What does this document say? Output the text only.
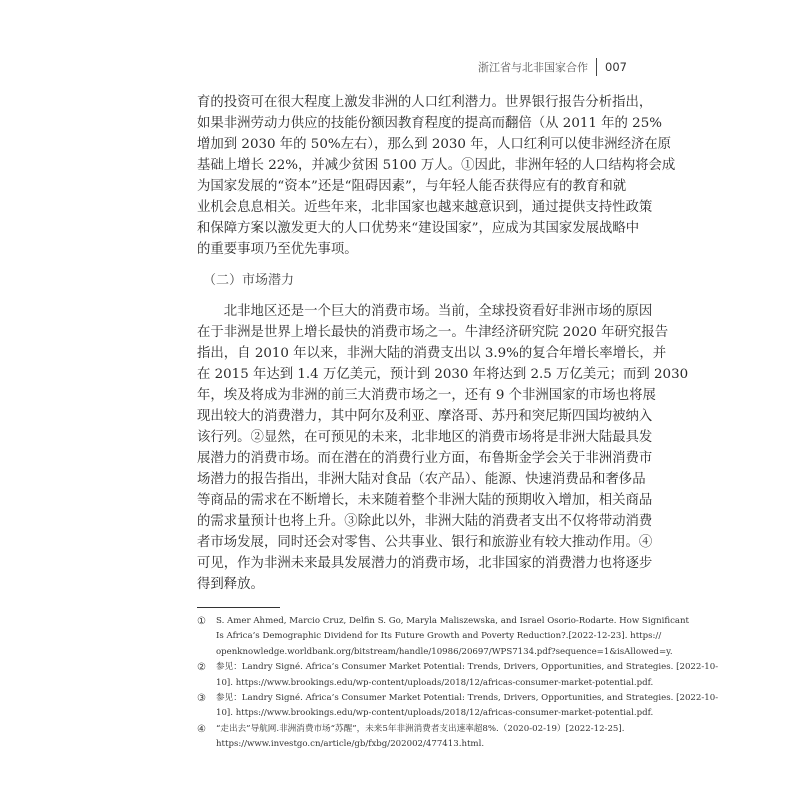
浙江省与北非国家合作 007
育的投资可在很大程度上激发非洲的人口红利潜力。世界银行报告分析指出，
如果非洲劳动力供应的技能份额因教育程度的提高而翻倍（从 2011 年的 25%
增加到 2030 年的 50%左右），那么到 2030 年，人口红利可以使非洲经济在原
基础上增长 22%，并减少贫困 5100 万人。①因此，非洲年轻的人口结构将会成
为国家发展的“资本”还是“阻碍因素”，与年轻人能否获得应有的教育和就
业机会息息相关。近些年来，北非国家也越来越意识到，通过提供支持性政策
和保障方案以激发更大的人口优势来“建设国家”，应成为其国家发展战略中
的重要事项乃至优先事项。
（二）市场潜力
　　北非地区还是一个巨大的消费市场。当前，全球投资看好非洲市场的原因
在于非洲是世界上增长最快的消费市场之一。牛津经济研究院 2020 年研究报告
指出，自 2010 年以来，非洲大陆的消费支出以 3.9%的复合年增长率增长，并
在 2015 年达到 1.4 万亿美元，预计到 2030 年将达到 2.5 万亿美元；而到 2030
年，埃及将成为非洲的前三大消费市场之一，还有 9 个非洲国家的市场也将展
现出较大的消费潜力，其中阿尔及利亚、摩洛哥、苏丹和突尼斯四国均被纳入
该行列。②显然，在可预见的未来，北非地区的消费市场将是非洲大陆最具发
展潜力的消费市场。而在潜在的消费行业方面，布鲁斯金学会关于非洲消费市
场潜力的报告指出，非洲大陆对食品（农产品）、能源、快速消费品和奢侈品
等商品的需求在不断增长，未来随着整个非洲大陆的预期收入增加，相关商品
的需求量预计也将上升。③除此以外，非洲大陆的消费者支出不仅将带动消费
者市场发展，同时还会对零售、公共事业、银行和旅游业有较大推动作用。④
可见，作为非洲未来最具发展潜力的消费市场，北非国家的消费潜力也将逐步
得到释放。
① S. Amer Ahmed, Marcio Cruz, Delfin S. Go, Maryla Maliszewska, and Israel Osorio-Rodarte. How Significant
Is Africa’s Demographic Dividend for Its Future Growth and Poverty Reduction?.[2022-12-23]. https://
openknowledge.worldbank.org/bitstream/handle/10986/20697/WPS7134.pdf?sequence=1&isAllowed=y.
② 参见：Landry Signé. Africa’s Consumer Market Potential: Trends, Drivers, Opportunities, and Strategies. [2022-10-
10]. https://www.brookings.edu/wp-content/uploads/2018/12/africas-consumer-market-potential.pdf.
③ 参见：Landry Signé. Africa’s Consumer Market Potential: Trends, Drivers, Opportunities, and Strategies. [2022-10-
10]. https://www.brookings.edu/wp-content/uploads/2018/12/africas-consumer-market-potential.pdf.
④ “走出去”导航网.非洲消费市场“苏醒”，未来5年非洲消费者支出速率超8%.（2020-02-19）[2022-12-25].
https://www.investgo.cn/article/gb/fxbg/202002/477413.html.
